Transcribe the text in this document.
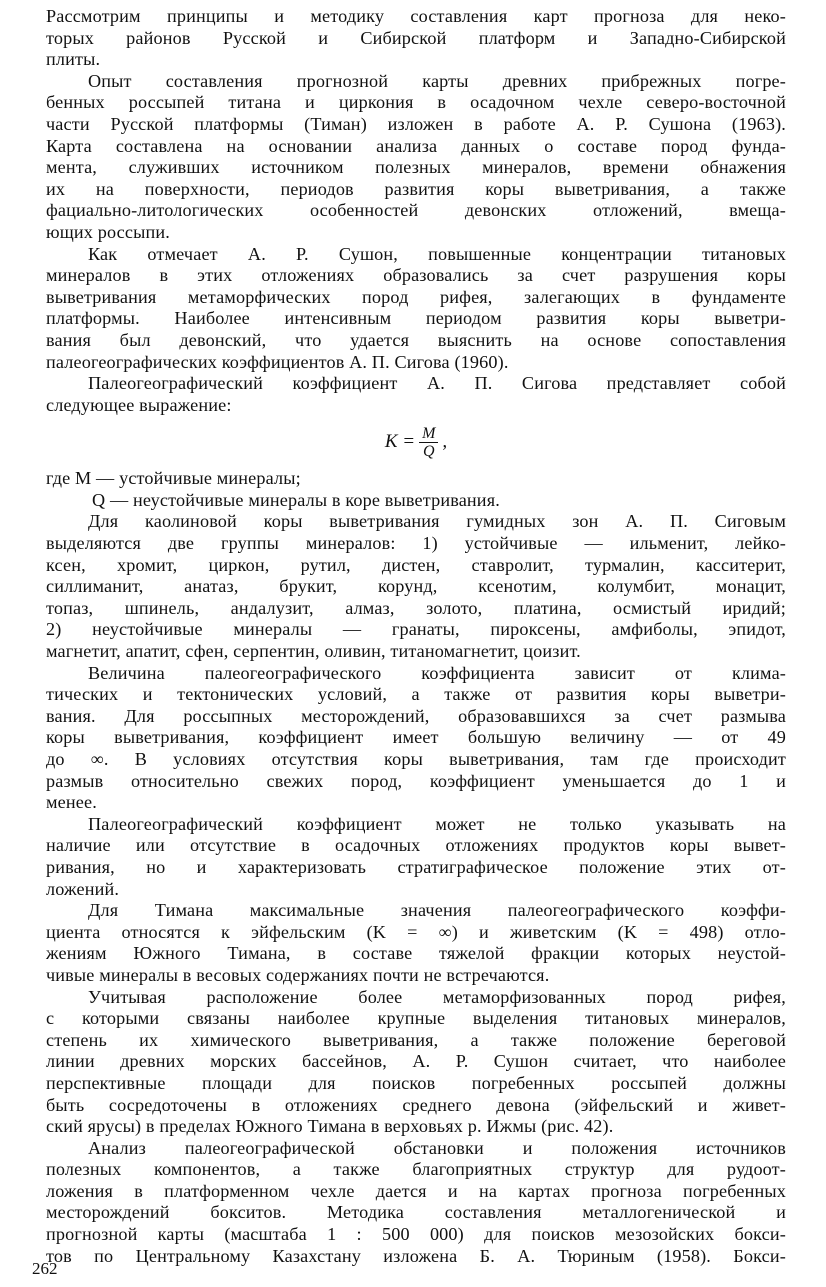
Рассмотрим принципы и методику составления карт прогноза для неко-
торых районов Русской и Сибирской платформ и Западно-Сибирской
плиты.
Опыт составления прогнозной карты древних прибрежных погре-
бенных россыпей титана и циркония в осадочном чехле северо-восточной
части Русской платформы (Тиман) изложен в работе А. Р. Сушона (1963).
Карта составлена на основании анализа данных о составе пород фунда-
мента, служивших источником полезных минералов, времени обнажения
их на поверхности, периодов развития коры выветривания, а также
фациально-литологических особенностей девонских отложений, вмеща-
ющих россыпи.
Как отмечает А. Р. Сушон, повышенные концентрации титановых
минералов в этих отложениях образовались за счет разрушения коры
выветривания метаморфических пород рифея, залегающих в фундаменте
платформы. Наиболее интенсивным периодом развития коры выветри-
вания был девонский, что удается выяснить на основе сопоставления
палеогеографических коэффициентов А. П. Сигова (1960).
Палеогеографический коэффициент А. П. Сигова представляет собой
следующее выражение:
$K = \frac{M}{Q}$ ,
где M — устойчивые минералы;
Q — неустойчивые минералы в коре выветривания.
Для каолиновой коры выветривания гумидных зон А. П. Сиговым
выделяются две группы минералов: 1) устойчивые — ильменит, лейко-
ксен, хромит, циркон, рутил, дистен, ставролит, турмалин, касситерит,
силлиманит, анатаз, брукит, корунд, ксенотим, колумбит, монацит,
топаз, шпинель, андалузит, алмаз, золото, платина, осмистый иридий;
2) неустойчивые минералы — гранаты, пироксены, амфиболы, эпидот,
магнетит, апатит, сфен, серпентин, оливин, титаномагнетит, цоизит.
Величина палеогеографического коэффициента зависит от клима-
тических и тектонических условий, а также от развития коры выветри-
вания. Для россыпных месторождений, образовавшихся за счет размыва
коры выветривания, коэффициент имеет большую величину — от 49
до ∞. В условиях отсутствия коры выветривания, там где происходит
размыв относительно свежих пород, коэффициент уменьшается до 1 и
менее.
Палеогеографический коэффициент может не только указывать на
наличие или отсутствие в осадочных отложениях продуктов коры вывет-
ривания, но и характеризовать стратиграфическое положение этих от-
ложений.
Для Тимана максимальные значения палеогеографического коэффи-
циента относятся к эйфельским (K = ∞) и живетским (K = 498) отло-
жениям Южного Тимана, в составе тяжелой фракции которых неустой-
чивые минералы в весовых содержаниях почти не встречаются.
Учитывая расположение более метаморфизованных пород рифея,
с которыми связаны наиболее крупные выделения титановых минералов,
степень их химического выветривания, а также положение береговой
линии древних морских бассейнов, А. Р. Сушон считает, что наиболее
перспективные площади для поисков погребенных россыпей должны
быть сосредоточены в отложениях среднего девона (эйфельский и живет-
ский ярусы) в пределах Южного Тимана в верховьях р. Ижмы (рис. 42).
Анализ палеогеографической обстановки и положения источников
полезных компонентов, а также благоприятных структур для рудоот-
ложения в платформенном чехле дается и на картах прогноза погребенных
месторождений бокситов. Методика составления металлогенической и
прогнозной карты (масштаба 1 : 500 000) для поисков мезозойских бокси-
тов по Центральному Казахстану изложена Б. А. Тюриным (1958). Бокси-
262
